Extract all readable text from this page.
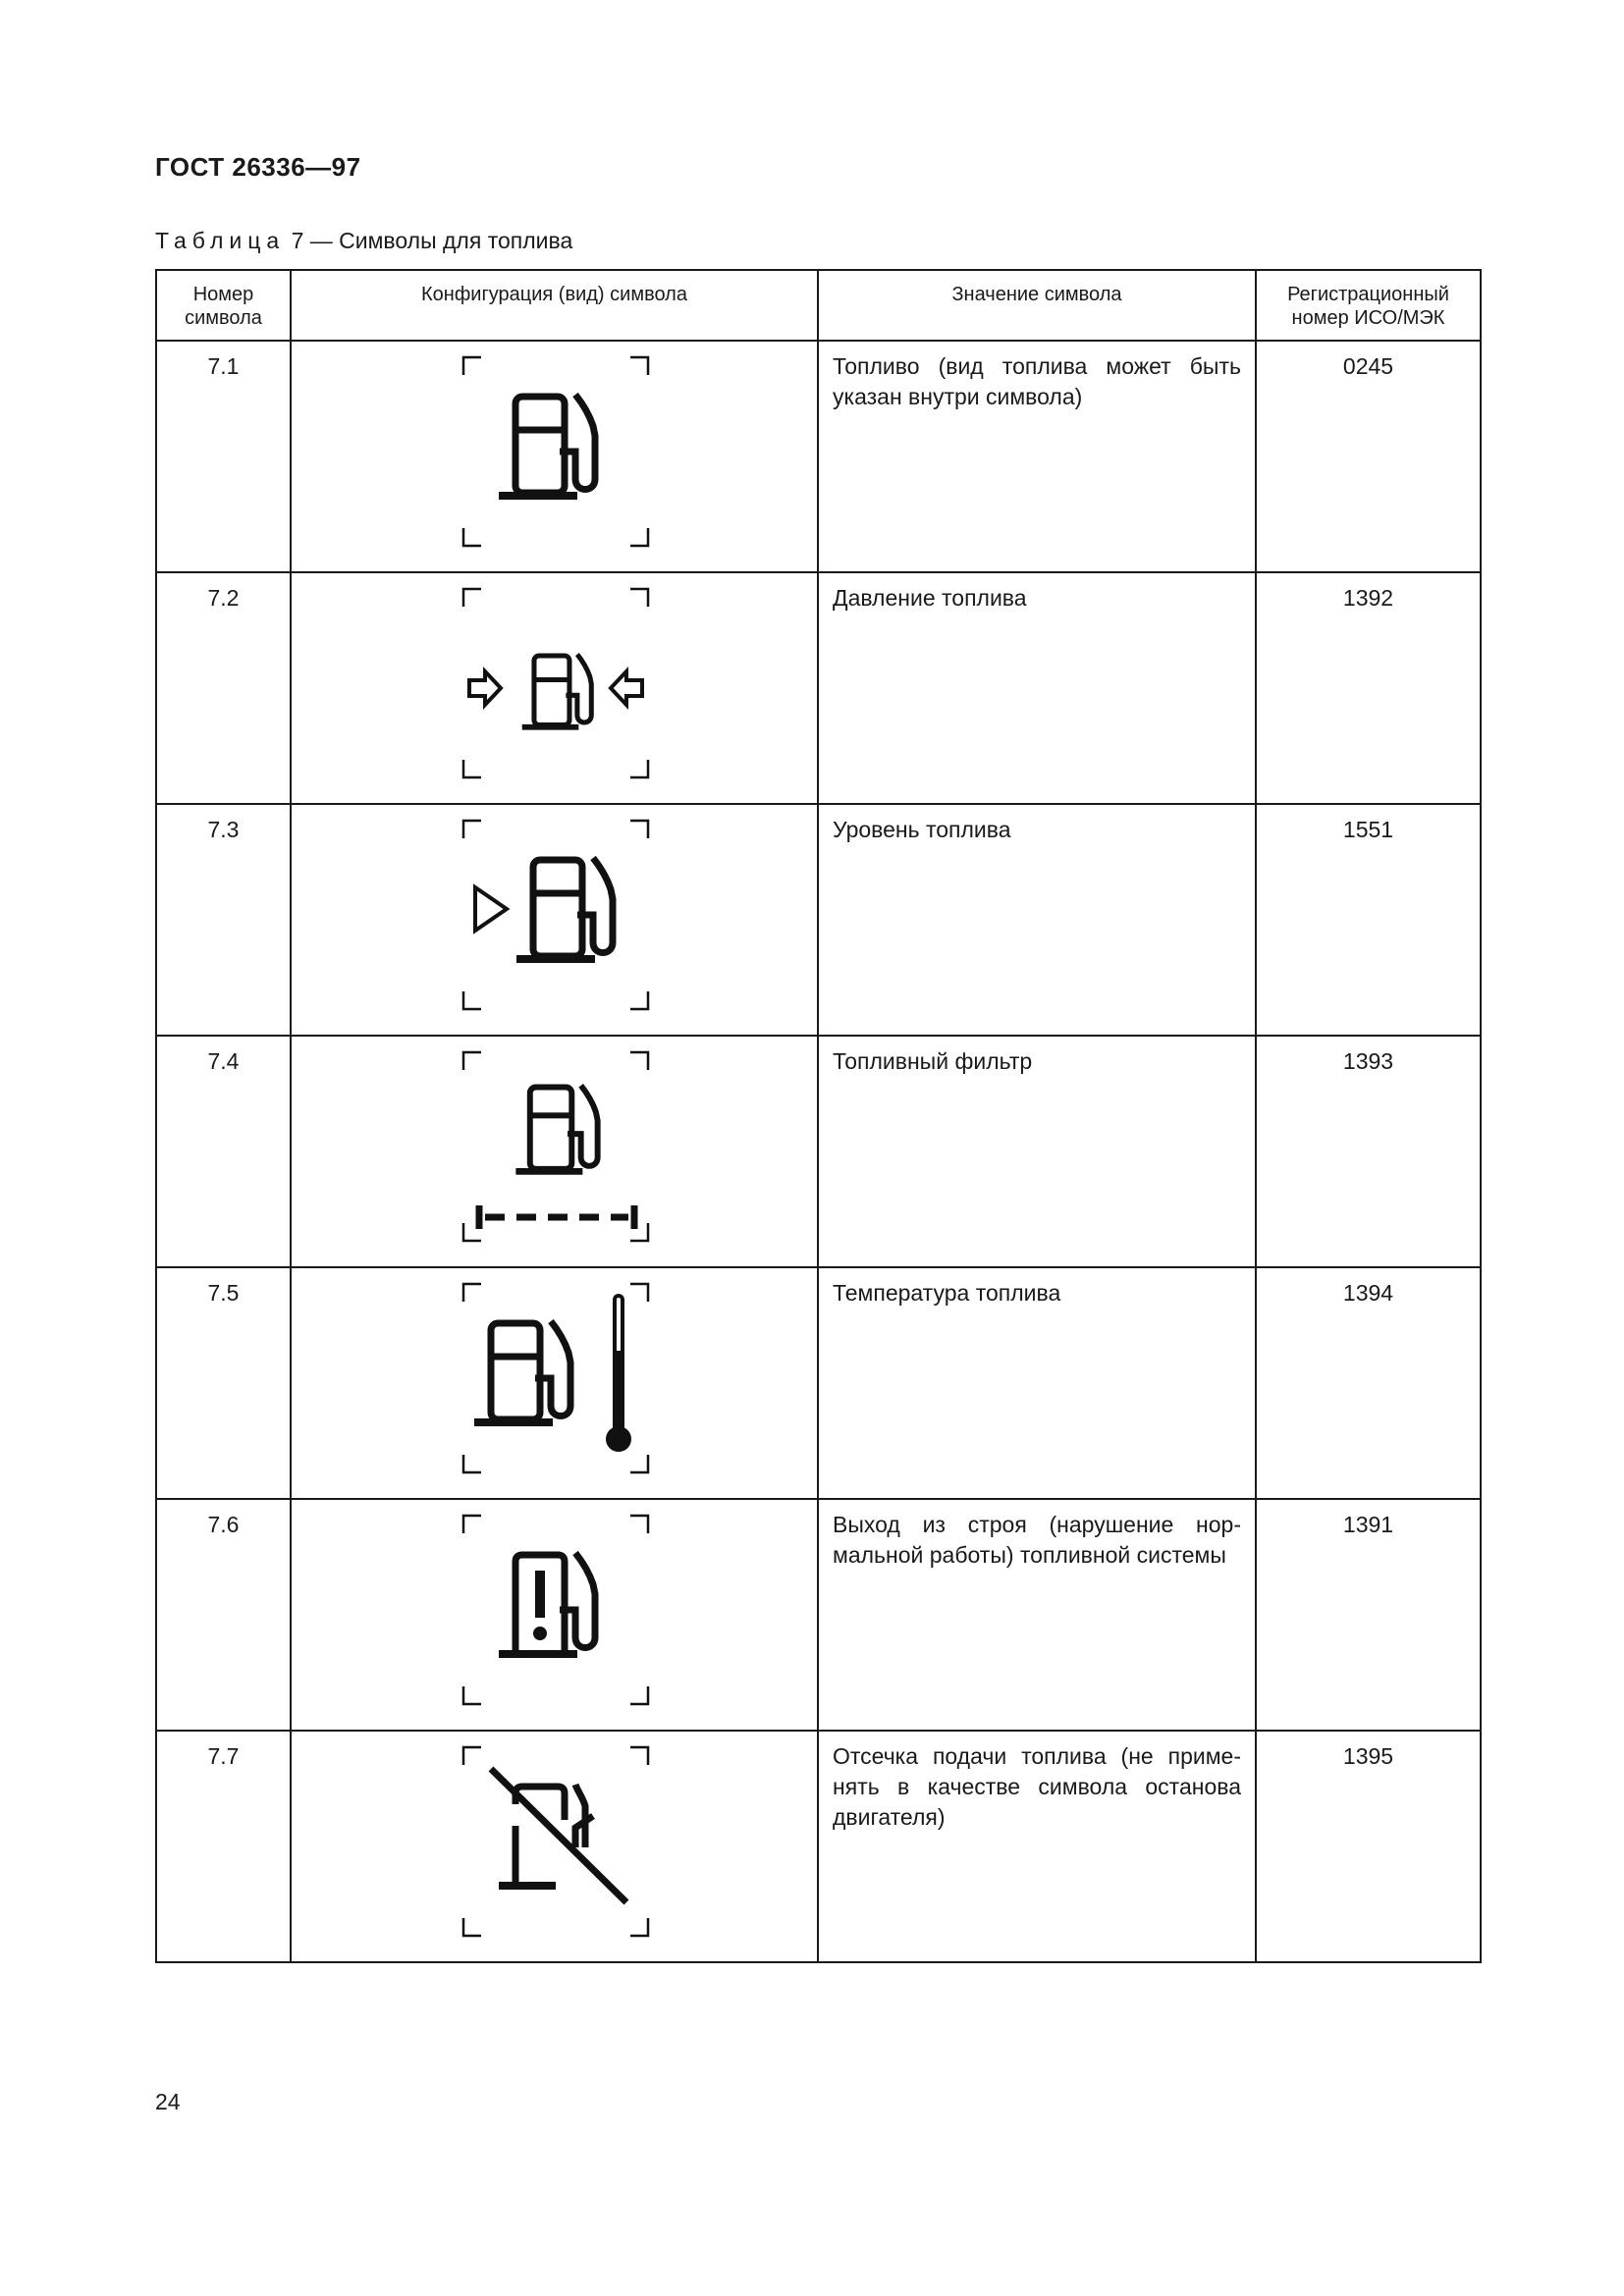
ГОСТ 26336—97
Таблица 7 — Символы для топлива
Номер символа	Конфигурация (вид) символа	Значение символа	Регистрационный номер ИСО/МЭК
7.1		Топливо (вид топлива может быть указан внутри символа)	0245
7.2		Давление топлива	1392
7.3		Уровень топлива	1551
7.4		Топливный фильтр	1393
7.5		Температура топлива	1394
7.6		Выход из строя (нарушение нормальной работы) топливной системы	1391
7.7		Отсечка подачи топлива (не применять в качестве символа останова двигателя)	1395
24
